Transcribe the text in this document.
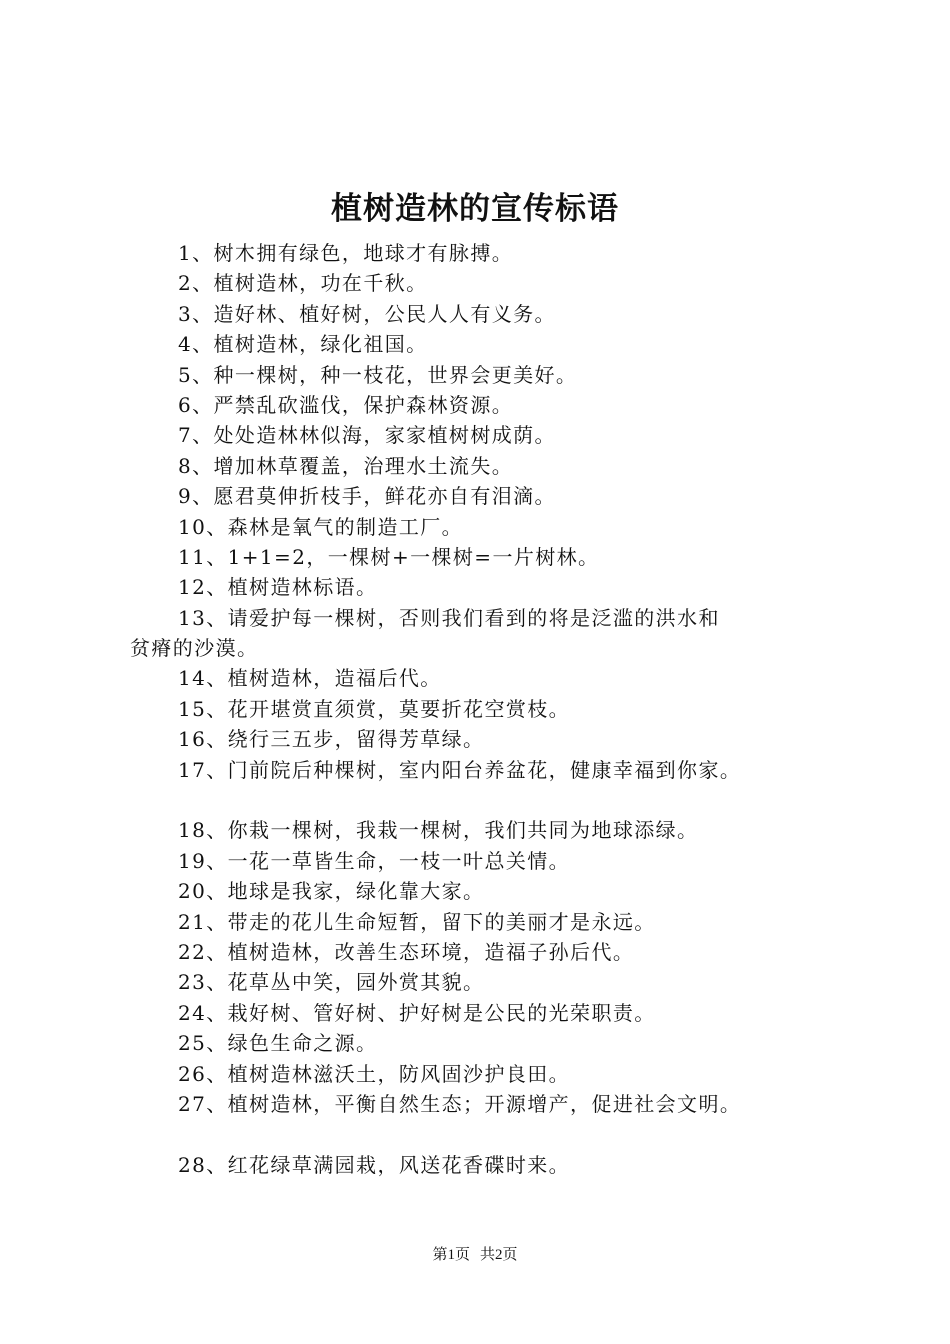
植树造林的宣传标语
1、树木拥有绿色，地球才有脉搏。
2、植树造林，功在千秋。
3、造好林、植好树，公民人人有义务。
4、植树造林，绿化祖国。
5、种一棵树，种一枝花，世界会更美好。
6、严禁乱砍滥伐，保护森林资源。
7、处处造林林似海，家家植树树成荫。
8、增加林草覆盖，治理水土流失。
9、愿君莫伸折枝手，鲜花亦自有泪滴。
10、森林是氧气的制造工厂。
11、1+1=2，一棵树+一棵树=一片树林。
12、植树造林标语。
13、请爱护每一棵树，否则我们看到的将是泛滥的洪水和
贫瘠的沙漠。
14、植树造林，造福后代。
15、花开堪赏直须赏，莫要折花空赏枝。
16、绕行三五步，留得芳草绿。
17、门前院后种棵树，室内阳台养盆花，健康幸福到你家。
18、你栽一棵树，我栽一棵树，我们共同为地球添绿。
19、一花一草皆生命，一枝一叶总关情。
20、地球是我家，绿化靠大家。
21、带走的花儿生命短暂，留下的美丽才是永远。
22、植树造林，改善生态环境，造福子孙后代。
23、花草丛中笑，园外赏其貌。
24、栽好树、管好树、护好树是公民的光荣职责。
25、绿色生命之源。
26、植树造林滋沃土，防风固沙护良田。
27、植树造林，平衡自然生态；开源增产，促进社会文明。
28、红花绿草满园栽，风送花香碟时来。
第1页 共2页
